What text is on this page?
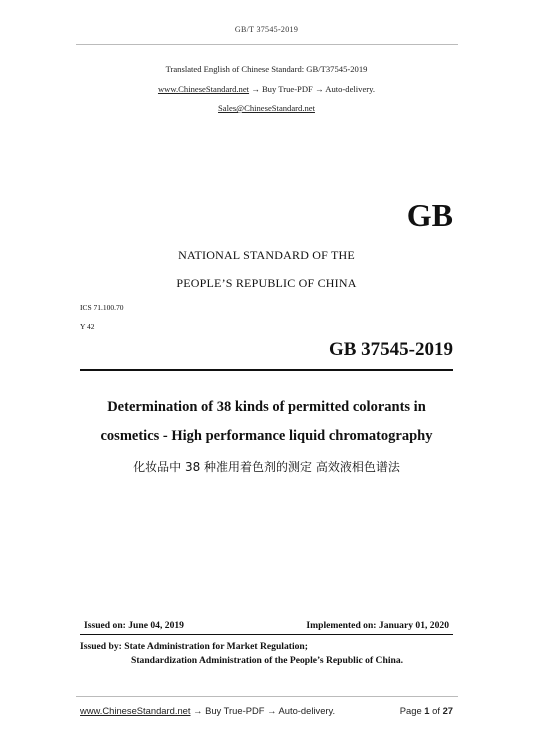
GB/T 37545-2019
Translated English of Chinese Standard: GB/T37545-2019
www.ChineseStandard.net → Buy True-PDF → Auto-delivery.
Sales@ChineseStandard.net
GB
NATIONAL STANDARD OF THE
PEOPLE’S REPUBLIC OF CHINA
ICS 71.100.70
Y 42
GB 37545-2019
Determination of 38 kinds of permitted colorants in
cosmetics - High performance liquid chromatography
化妆品中 38 种准用着色剂的测定 高效液相色谱法
Issued on: June 04, 2019	Implemented on: January 01, 2020
Issued by: State Administration for Market Regulation;
Standardization Administration of the People’s Republic of China.
www.ChineseStandard.net → Buy True-PDF → Auto-delivery.	Page 1 of 27
